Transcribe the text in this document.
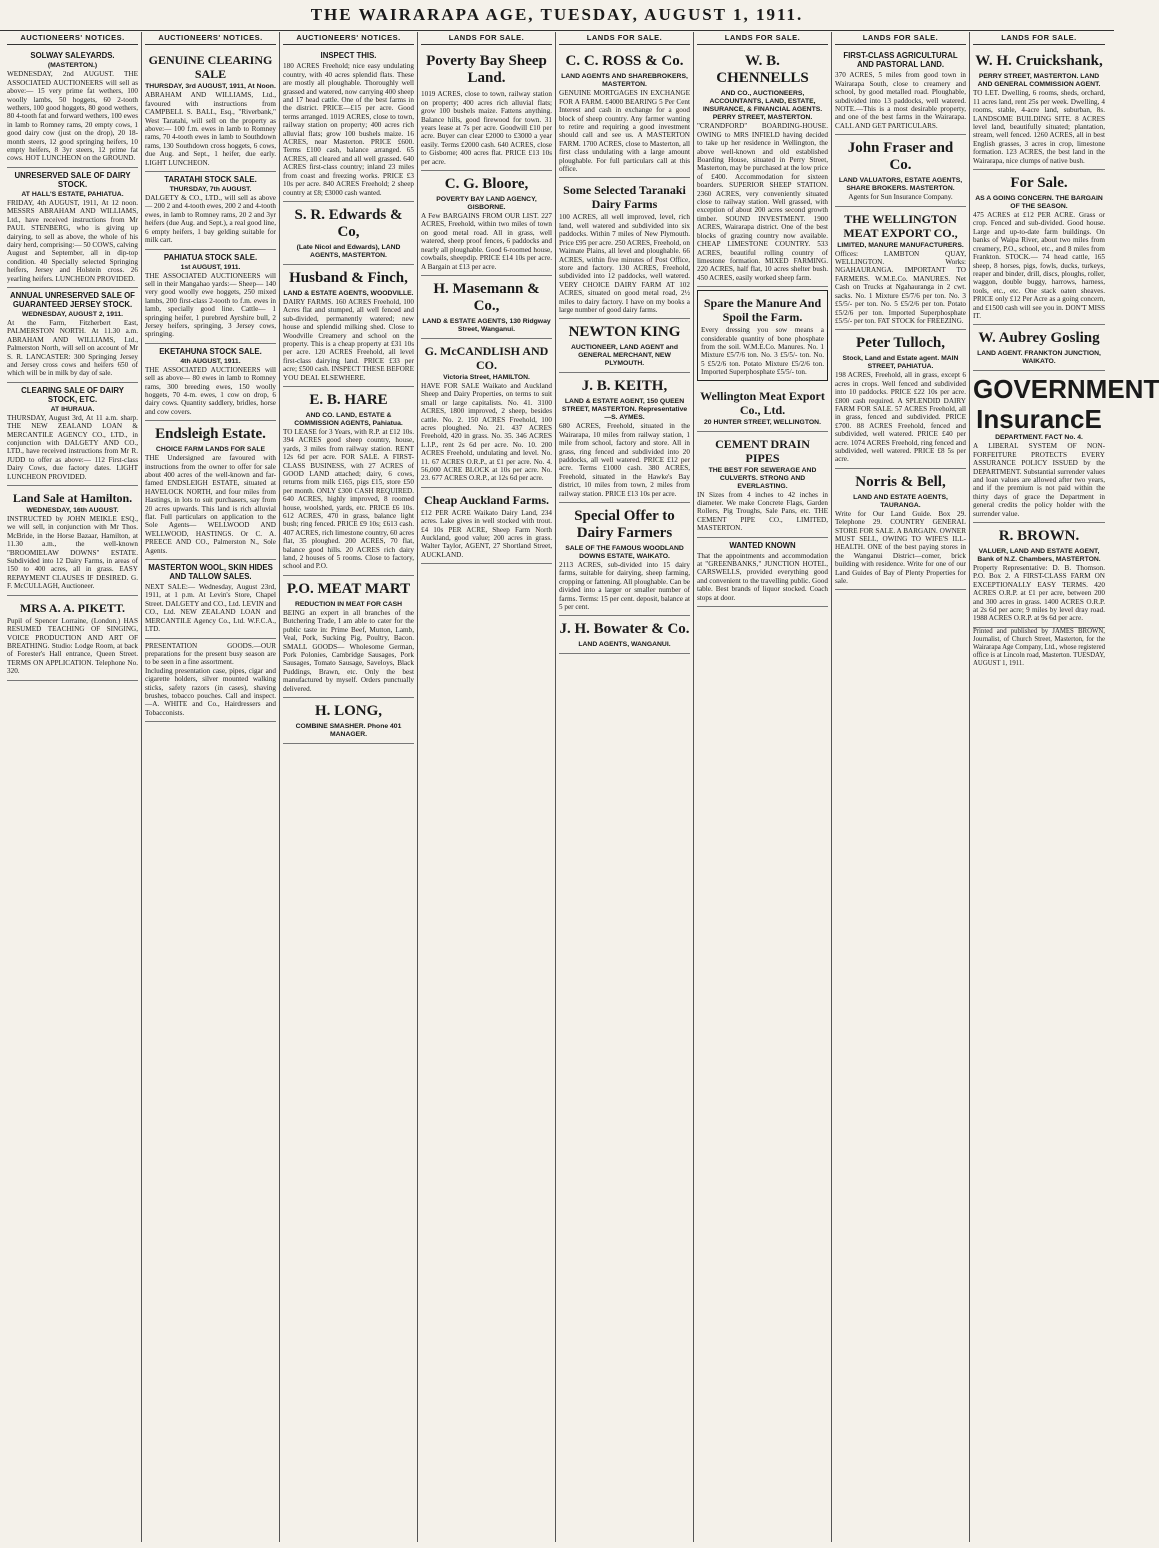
THE WAIRARAPA AGE, TUESDAY, AUGUST 1, 1911.
AUCTIONEERS' NOTICES.
SOLWAY SALEYARDS.
(MASTERTON.)
WEDNESDAY, 2nd AUGUST. THE ASSOCIATED AUCTIONEERS will sell as above:— 15 very prime fat wethers, 100 woolly lambs, 50 hoggets, 60 2-tooth wethers, 100 good hoggets, 80 good wethers, 80 4-tooth fat and forward wethers, 100 ewes in lamb to Romney rams, 20 empty cows, 1 good dairy cow (just on the drop), 20 18-month steers, 12 good springing heifers, 10 empty heifers, 8 3yr steers, 12 prime fat cows. HOT LUNCHEON on the GROUND.
UNRESERVED SALE OF DAIRY STOCK.
AT HALL'S ESTATE, PAHIATUA.
FRIDAY, 4th AUGUST, 1911, At 12 noon. MESSRS ABRAHAM AND WILLIAMS, Ltd., have received instructions from Mr PAUL STENBERG, who is giving up dairying, to sell as above, the whole of his dairy herd, comprising:— 50 COWS, calving August and September, all in dip-top condition. 40 Specially selected Springing heifers, Jersey and Holstein cross. 26 yearling heifers. LUNCHEON PROVIDED.
ANNUAL UNRESERVED SALE OF GUARANTEED JERSEY STOCK.
WEDNESDAY, AUGUST 2, 1911.
At the Farm, Fitzherbert East, PALMERSTON NORTH. At 11.30 a.m. ABRAHAM AND WILLIAMS, Ltd., Palmerston North, will sell on account of Mr S. R. LANCASTER: 300 Springing Jersey and Jersey cross cows and heifers 650 of which will be in milk by day of sale.
CLEARING SALE OF DAIRY STOCK, ETC.
AT IHURAUA.
THURSDAY, August 3rd, At 11 a.m. sharp. THE NEW ZEALAND LOAN & MERCANTILE AGENCY CO., LTD., in conjunction with DALGETY AND CO., LTD., have received instructions from Mr R. JUDD to offer as above:— 112 First-class Dairy Cows, due factory dates. LIGHT LUNCHEON PROVIDED.
Land Sale at Hamilton.
WEDNESDAY, 16th AUGUST.
INSTRUCTED by JOHN MEIKLE ESQ., we will sell, in conjunction with Mr Thos. McBride, in the Horse Bazaar, Hamilton, at 11.30 a.m., the well-known "BROOMIELAW DOWNS" ESTATE. Subdivided into 12 Dairy Farms, in areas of 150 to 400 acres, all in grass. EASY REPAYMENT CLAUSES IF DESIRED. G. F. McCULLAGH, Auctioneer.
MRS A. A. PIKETT.
Pupil of Spencer Lorraine, (London.) HAS RESUMED TEACHING OF SINGING, VOICE PRODUCTION AND ART OF BREATHING. Studio: Lodge Room, at back of Forester's Hall entrance, Queen Street. TERMS ON APPLICATION. Telephone No. 320.
AUCTIONEERS' NOTICES.
GENUINE CLEARING SALE
THURSDAY, 3rd AUGUST, 1911, At Noon.
ABRAHAM AND WILLIAMS, Ltd., favoured with instructions from CAMPBELL S. BALL, Esq., "Riverbank," West Taratahi, will sell on the property as above:— 100 f.m. ewes in lamb to Romney rams, 70 4-tooth ewes in lamb to Southdown rams, 130 Southdown cross hoggets, 6 cows, due Aug. and Sept., 1 heifer, due early. LIGHT LUNCHEON.
TARATAHI STOCK SALE.
THURSDAY, 7th AUGUST.
DALGETY & CO., LTD., will sell as above— 200 2 and 4-tooth ewes, 200 2 and 4-tooth ewes, in lamb to Romney rams, 20 2 and 3yr heifers (due Aug. and Sept.), a real good line, 6 empty heifers, 1 bay gelding suitable for milk cart.
PAHIATUA STOCK SALE.
1st AUGUST, 1911.
THE ASSOCIATED AUCTIONEERS will sell in their Mangahao yards:— Sheep— 140 very good woolly ewe hoggets, 250 mixed lambs, 200 first-class 2-tooth to f.m. ewes in lamb, specially good line. Cattle— 1 springing heifer, 1 purebred Ayrshire bull, 2 Jersey heifers, springing, 3 Jersey cows, springing.
EKETAHUNA STOCK SALE.
4th AUGUST, 1911.
THE ASSOCIATED AUCTIONEERS will sell as above— 80 ewes in lamb to Romney rams, 300 breeding ewes, 150 woolly hoggets, 70 4-m. ewes, 1 cow on drop, 6 dairy cows. Quantity saddlery, bridles, horse and cow covers.
Endsleigh Estate.
CHOICE FARM LANDS FOR SALE
THE Undersigned are favoured with instructions from the owner to offer for sale about 400 acres of the well-known and far-famed ENDSLEIGH ESTATE, situated at HAVELOCK NORTH, and four miles from Hastings, in lots to suit purchasers, say from 20 acres upwards. This land is rich alluvial flat. Full particulars on application to the Sole Agents— WELLWOOD AND WELLWOOD, HASTINGS. Or C. A. PREECE AND CO., Palmerston N., Sole Agents.
MASTERTON WOOL, SKIN HIDES AND TALLOW SALES.
NEXT SALE:— Wednesday, August 23rd, 1911, at 1 p.m. At Levin's Store, Chapel Street. DALGETY and CO., Ltd. LEVIN and CO., Ltd. NEW ZEALAND LOAN and MERCANTILE Agency Co., Ltd. W.F.C.A., LTD.
PRESENTATION GOODS.—OUR preparations for the present busy season are to be seen in a fine assortment.
Including presentation case, pipes, cigar and cigarette holders, silver mounted walking sticks, safety razors (in cases), shaving brushes, tobacco pouches. Call and inspect.—A. WHITE and Co., Hairdressers and Tobacconists.
AUCTIONEERS' NOTICES.
INSPECT THIS.
180 ACRES Freehold; nice easy undulating country, with 40 acres splendid flats. These are mostly all ploughable. Thoroughly well grassed and watered, now carrying 400 sheep and 17 head cattle. One of the best farms in the district. PRICE—£15 per acre. Good terms arranged. 1019 ACRES, close to town, railway station on property; 400 acres rich alluvial flats; grow 100 bushels maize. 16 ACRES, near Masterton. PRICE £600. Terms £100 cash, balance arranged. 65 ACRES, all cleared and all well grassed. 640 ACRES first-class country; inland 23 miles from coast and freezing works. PRICE £3 10s per acre. 840 ACRES Freehold; 2 sheep country at £8; £3000 cash wanted.
S. R. Edwards & Co,
(Late Nicol and Edwards), LAND AGENTS, MASTERTON.
Husband & Finch,
LAND & ESTATE AGENTS, WOODVILLE.
DAIRY FARMS. 160 ACRES Freehold, 100 Acres flat and stumped, all well fenced and sub-divided, permanently watered; new house and splendid milking shed. Close to Woodville Creamery and school on the property. This is a cheap property at £31 10s per acre. 120 ACRES Freehold, all level first-class dairying land. PRICE £33 per acre; £500 cash. INSPECT THESE BEFORE YOU DEAL ELSEWHERE.
E. B. HARE
AND CO. LAND, ESTATE & COMMISSION AGENTS, Pahiatua.
TO LEASE for 3 Years, with R.P. at £12 10s. 394 ACRES good sheep country, house, yards, 3 miles from railway station. RENT 12s 6d per acre. FOR SALE. A FIRST-CLASS BUSINESS, with 27 ACRES of GOOD LAND attached; dairy, 6 cows, returns from milk £165, pigs £15, store £50 per month. ONLY £300 CASH REQUIRED. 640 ACRES, highly improved, 8 roomed house, woolshed, yards, etc. PRICE £6 10s. 612 ACRES, 470 in grass, balance light bush; ring fenced. PRICE £9 10s; £613 cash. 407 ACRES, rich limestone country, 60 acres flat, 35 ploughed. 200 ACRES, 70 flat, balance good hills. 20 ACRES rich dairy land, 2 houses of 5 rooms. Close to factory, school and P.O.
P.O. MEAT MART
REDUCTION IN MEAT FOR CASH
BEING an expert in all branches of the Butchering Trade, I am able to cater for the public taste in: Prime Beef, Mutton, Lamb, Veal, Pork, Sucking Pig, Poultry, Bacon. SMALL GOODS— Wholesome German, Pork Polonies, Cambridge Sausages, Pork Sausages, Tomato Sausage, Saveloys, Black Puddings, Brawn, etc. Only the best manufactured by myself. Orders punctually delivered.
H. LONG,
COMBINE SMASHER. Phone 401 MANAGER.
LANDS FOR SALE.
Poverty Bay Sheep Land.
1019 ACRES, close to town, railway station on property; 400 acres rich alluvial flats; grow 100 bushels maize. Fattens anything. Balance hills, good firewood for town. 31 years lease at 7s per acre. Goodwill £10 per acre. Buyer can clear £2000 to £3000 a year easily. Terms £2000 cash. 640 ACRES, close to Gisborne; 400 acres flat. PRICE £13 10s per acre.
C. G. Bloore,
POVERTY BAY LAND AGENCY, GISBORNE.
A Few BARGAINS FROM OUR LIST. 227 ACRES, Freehold, within two miles of town on good metal road. All in grass, well watered, sheep proof fences, 6 paddocks and nearly all ploughable. Good 6-roomed house, cowbails, sheepdip. PRICE £14 10s per acre. A Bargain at £13 per acre.
H. Masemann & Co.,
LAND & ESTATE AGENTS, 130 Ridgway Street, Wanganui.
G. McCANDLISH AND CO.
Victoria Street, HAMILTON.
HAVE FOR SALE Waikato and Auckland Sheep and Dairy Properties, on terms to suit small or large capitalists. No. 41. 3100 ACRES, 1800 improved, 2 sheep, besides cattle. No. 2. 150 ACRES Freehold, 100 acres ploughed. No. 21. 437 ACRES Freehold, 420 in grass. No. 35. 346 ACRES L.I.P., rent 2s 6d per acre. No. 10. 200 ACRES Freehold, undulating and level. No. 11. 67 ACRES O.R.P., at £1 per acre. No. 4. 56,000 ACRE BLOCK at 10s per acre. No. 23. 677 ACRES O.R.P., at 12s 6d per acre.
Cheap Auckland Farms.
£12 PER ACRE Waikato Dairy Land, 234 acres. Lake gives in well stocked with trout. £4 10s PER ACRE, Sheep Farm North Auckland, good value; 200 acres in grass. Walter Taylor, AGENT, 27 Shortland Street, AUCKLAND.
LANDS FOR SALE.
C. C. ROSS & Co.
LAND AGENTS AND SHAREBROKERS, MASTERTON.
GENUINE MORTGAGES IN EXCHANGE FOR A FARM. £4000 BEARING 5 Per Cent Interest and cash in exchange for a good block of sheep country. Any farmer wanting to retire and requiring a good investment should call and see us. A MASTERTON FARM. 1700 ACRES, close to Masterton, all first class undulating with a large amount ploughable. For full particulars call at this office.
Some Selected Taranaki Dairy Farms
100 ACRES, all well improved, level, rich land, well watered and subdivided into six paddocks. Within 7 miles of New Plymouth. Price £95 per acre. 250 ACRES, Freehold, on Waimate Plains, all level and ploughable. 66 ACRES, within five minutes of Post Office, store and factory. 130 ACRES, Freehold, subdivided into 12 paddocks, well watered. VERY CHOICE DAIRY FARM AT 102 ACRES, situated on good metal road, 2½ miles to dairy factory. I have on my books a large number of good dairy farms.
NEWTON KING
AUCTIONEER, LAND AGENT and GENERAL MERCHANT, NEW PLYMOUTH.
J. B. KEITH,
LAND & ESTATE AGENT, 150 QUEEN STREET, MASTERTON. Representative—S. AYMES.
680 ACRES, Freehold, situated in the Wairarapa, 10 miles from railway station, 1 mile from school, factory and store. All in grass, ring fenced and subdivided into 20 paddocks, all well watered. PRICE £12 per acre. Terms £1000 cash. 380 ACRES, Freehold, situated in the Hawke's Bay district, 10 miles from town, 2 miles from railway station. PRICE £13 10s per acre.
Special Offer to Dairy Farmers
SALE OF THE FAMOUS WOODLAND DOWNS ESTATE, WAIKATO.
2113 ACRES, sub-divided into 15 dairy farms, suitable for dairying, sheep farming, cropping or fattening. All ploughable. Can be divided into a larger or smaller number of farms. Terms: 15 per cent. deposit, balance at 5 per cent.
J. H. Bowater & Co.
LAND AGENTS, WANGANUI.
LANDS FOR SALE.
W. B. CHENNELLS
AND CO., AUCTIONEERS, ACCOUNTANTS, LAND, ESTATE, INSURANCE, & FINANCIAL AGENTS. PERRY STREET, MASTERTON.
"CRANDFORD" BOARDING-HOUSE. OWING to MRS INFIELD having decided to take up her residence in Wellington, the above well-known and old established Boarding House, situated in Perry Street, Masterton, may be purchased at the low price of £400. Accommodation for sixteen boarders. SUPERIOR SHEEP STATION. 2360 ACRES, very conveniently situated close to railway station. Well grassed, with exception of about 200 acres second growth timber. SOUND INVESTMENT. 1900 ACRES, Wairarapa district. One of the best blocks of grazing country now available. CHEAP LIMESTONE COUNTRY. 533 ACRES, beautiful rolling country of limestone formation. MIXED FARMING. 220 ACRES, half flat, 10 acres shelter bush. 450 ACRES, easily worked sheep farm.
Spare the Manure And Spoil the Farm.
Every dressing you sow means a considerable quantity of bone phosphate from the soil. W.M.E.Co. Manures. No. 1 Mixture £5/7/6 ton. No. 3 £5/5/- ton. No. 5 £5/2/6 ton. Potato Mixture £5/2/6 ton. Imported Superphosphate £5/5/- ton.
Wellington Meat Export Co., Ltd.
20 HUNTER STREET, WELLINGTON.
CEMENT DRAIN PIPES
THE BEST FOR SEWERAGE AND CULVERTS. STRONG AND EVERLASTING.
IN Sizes from 4 inches to 42 inches in diameter. We make Concrete Flags, Garden Rollers, Pig Troughs, Sale Pans, etc. THE CEMENT PIPE CO., LIMITED, MASTERTON.
WANTED KNOWN
That the appointments and accommodation at "GREENBANKS," JUNCTION HOTEL, CARSWELLS, provided everything good and convenient to the travelling public. Good table. Best brands of liquor stocked. Coach stops at door.
LANDS FOR SALE.
FIRST-CLASS AGRICULTURAL AND PASTORAL LAND.
370 ACRES, 5 miles from good town in Wairarapa South, close to creamery and school, by good metalled road. Ploughable, subdivided into 13 paddocks, well watered. NOTE.—This is a most desirable property, and one of the best farms in the Wairarapa. CALL AND GET PARTICULARS.
John Fraser and Co.
LAND VALUATORS, ESTATE AGENTS, SHARE BROKERS. MASTERTON.
Agents for Sun Insurance Company.
THE WELLINGTON MEAT EXPORT CO.,
LIMITED, MANURE MANUFACTURERS.
Offices: LAMBTON QUAY, WELLINGTON. Works: NGAHAURANGA. IMPORTANT TO FARMERS. W.M.E.Co. MANURES. Net Cash on Trucks at Ngahauranga in 2 cwt. sacks. No. 1 Mixture £5/7/6 per ton. No. 3 £5/5/- per ton. No. 5 £5/2/6 per ton. Potato £5/2/6 per ton. Imported Superphosphate £5/5/- per ton. FAT STOCK for FREEZING.
Peter Tulloch,
Stock, Land and Estate agent. MAIN STREET, PAHIATUA.
198 ACRES, Freehold, all in grass, except 6 acres in crops. Well fenced and subdivided into 10 paddocks. PRICE £22 10s per acre. £800 cash required. A SPLENDID DAIRY FARM FOR SALE. 57 ACRES Freehold, all in grass, fenced and subdivided. PRICE £700. 88 ACRES Freehold, fenced and subdivided, well watered. PRICE £40 per acre. 1074 ACRES Freehold, ring fenced and subdivided, well watered. PRICE £8 5s per acre.
Norris & Bell,
LAND AND ESTATE AGENTS, TAURANGA.
Write for Our Land Guide. Box 29. Telephone 29. COUNTRY GENERAL STORE FOR SALE. A BARGAIN. OWNER MUST SELL, OWING TO WIFE'S ILL-HEALTH. ONE of the best paying stores in the Wanganui District—comer, brick building with residence. Write for one of our Land Guides of Bay of Plenty Properties for sale.
LANDS FOR SALE.
W. H. Cruickshank,
PERRY STREET, MASTERTON. LAND AND GENERAL COMMISSION AGENT.
TO LET. Dwelling, 6 rooms, sheds, orchard, 11 acres land, rent 25s per week. Dwelling, 4 rooms, stable, 4-acre land, suburban, 8s. LANDSOME BUILDING SITE. 8 ACRES level land, beautifully situated; plantation, stream, well fenced. 1260 ACRES, all in best English grasses, 3 acres in crop, limestone formation. 123 ACRES, the best land in the Wairarapa, nice clumps of native bush.
For Sale.
AS A GOING CONCERN. THE BARGAIN OF THE SEASON.
475 ACRES at £12 PER ACRE. Grass or crop. Fenced and sub-divided. Good house. Large and up-to-date farm buildings. On banks of Waipa River, about two miles from creamery, P.O., school, etc., and 8 miles from Frankton. STOCK.— 74 head cattle, 165 sheep, 8 horses, pigs, fowls, ducks, turkeys, reaper and binder, drill, discs, ploughs, roller, waggon, double buggy, harrows, harness, tools, etc., etc. One stack oaten sheaves. PRICE only £12 Per Acre as a going concern, and £1500 cash will see you in. DON'T MISS IT.
W. Aubrey Gosling
LAND AGENT. FRANKTON JUNCTION, WAIKATO.
GOVERNMENT InsurancE
DEPARTMENT. FACT No. 4.
A LIBERAL SYSTEM OF NON-FORFEITURE PROTECTS EVERY ASSURANCE POLICY ISSUED by the DEPARTMENT. Substantial surrender values and loan values are allowed after two years, and if the premium is not paid within the thirty days of grace the Department in general credits the policy holder with the surrender value.
R. BROWN.
VALUER, LAND AND ESTATE AGENT, Bank of N.Z. Chambers, MASTERTON.
Property Representative: D. B. Thomson. P.O. Box 2. A FIRST-CLASS FARM ON EXCEPTIONALLY EASY TERMS. 420 ACRES O.R.P. at £1 per acre, between 200 and 300 acres in grass. 1400 ACRES O.R.P. at 2s 6d per acre; 9 miles by level dray road. 1988 ACRES O.R.P. at 9s 6d per acre.
Printed and published by JAMES BROWN, Journalist, of Church Street, Masterton, for the Wairarapa Age Company, Ltd., whose registered office is at Lincoln road, Masterton. TUESDAY, AUGUST 1, 1911.
